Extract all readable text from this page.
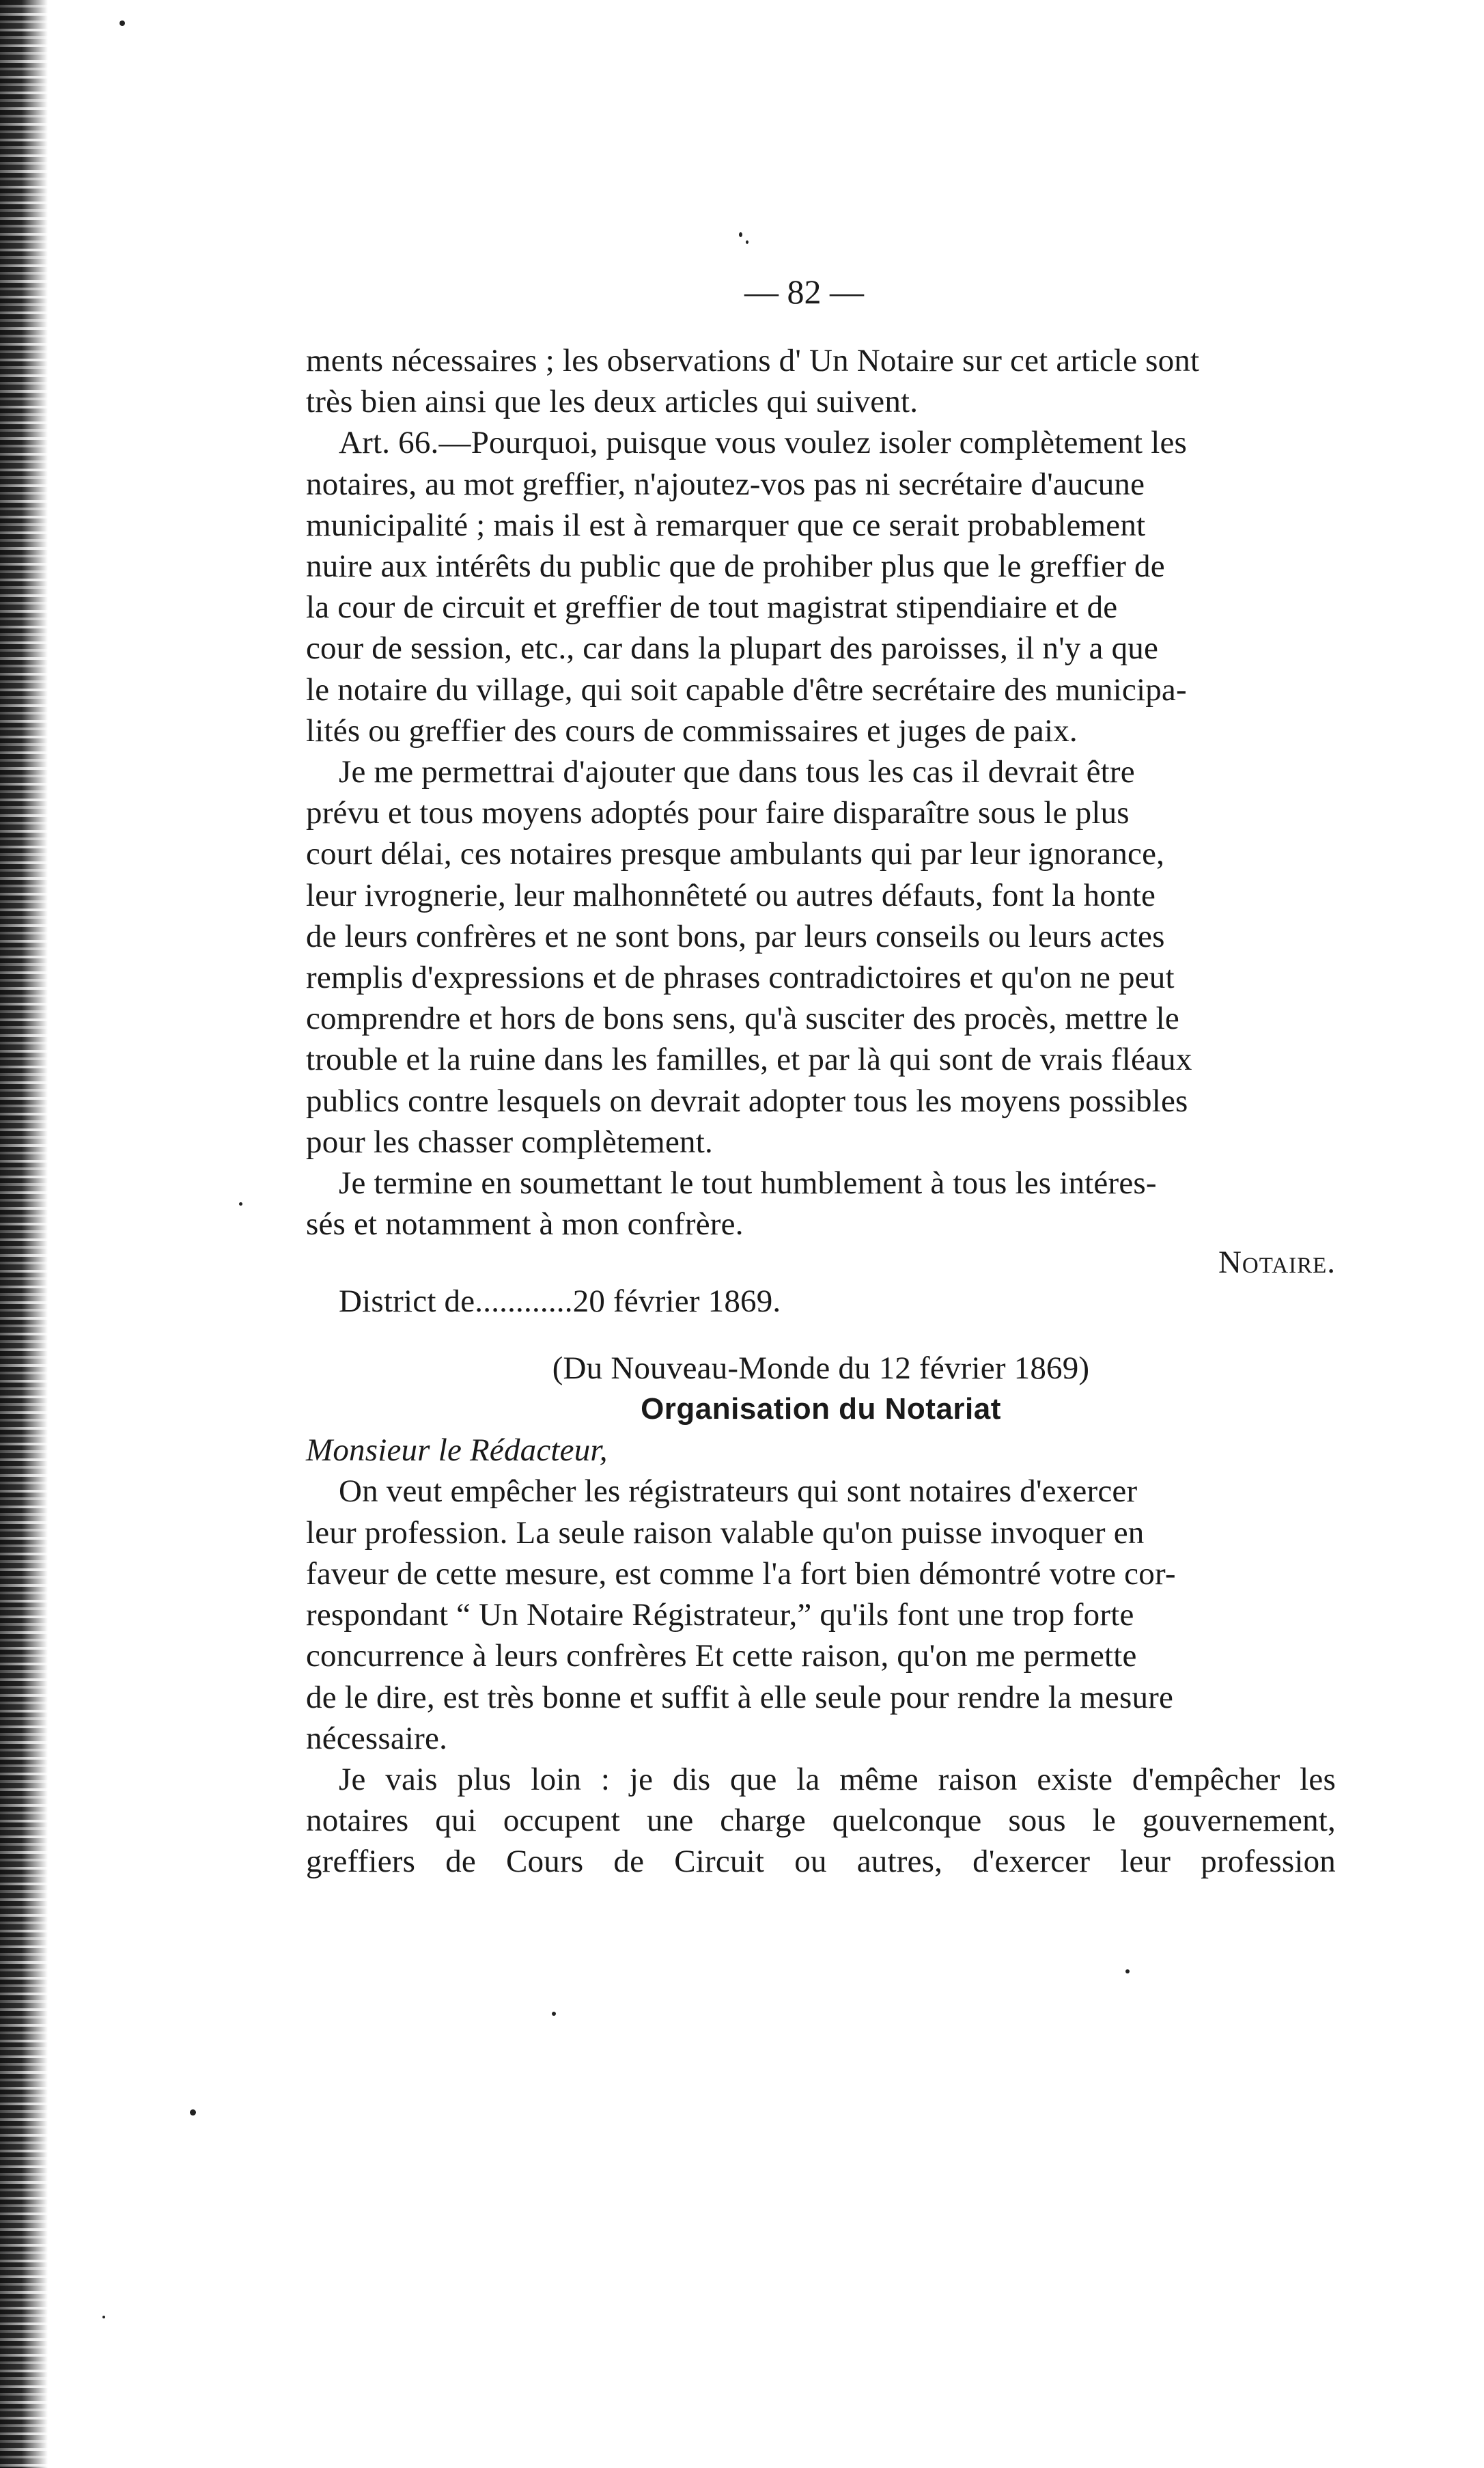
— 82 —

ments nécessaires ; les observations d' Un Notaire sur cet article sont
très bien ainsi que les deux articles qui suivent.

Art. 66.—Pourquoi, puisque vous voulez isoler complètement les
notaires, au mot greffier, n'ajoutez-vos pas ni secrétaire d'aucune
municipalité ; mais il est à remarquer que ce serait probablement
nuire aux intérêts du public que de prohiber plus que le greffier de
la cour de circuit et greffier de tout magistrat stipendiaire et de
cour de session, etc., car dans la plupart des paroisses, il n'y a que
le notaire du village, qui soit capable d'être secrétaire des municipa-
lités ou greffier des cours de commissaires et juges de paix.

Je me permettrai d'ajouter que dans tous les cas il devrait être
prévu et tous moyens adoptés pour faire disparaître sous le plus
court délai, ces notaires presque ambulants qui par leur ignorance,
leur ivrognerie, leur malhonnêteté ou autres défauts, font la honte
de leurs confrères et ne sont bons, par leurs conseils ou leurs actes
remplis d'expressions et de phrases contradictoires et qu'on ne peut
comprendre et hors de bons sens, qu'à susciter des procès, mettre le
trouble et la ruine dans les familles, et par là qui sont de vrais fléaux
publics contre lesquels on devrait adopter tous les moyens possibles
pour les chasser complètement.

Je termine en soumettant le tout humblement à tous les intéres-
sés et notamment à mon confrère.

Notaire.

District de............20 février 1869.

(Du Nouveau-Monde du 12 février 1869)

Organisation du Notariat

Monsieur le Rédacteur,

On veut empêcher les régistrateurs qui sont notaires d'exercer
leur profession. La seule raison valable qu'on puisse invoquer en
faveur de cette mesure, est comme l'a fort bien démontré votre cor-
respondant “ Un Notaire Régistrateur,” qu'ils font une trop forte
concurrence à leurs confrères Et cette raison, qu'on me permette
de le dire, est très bonne et suffit à elle seule pour rendre la mesure
nécessaire.

Je vais plus loin : je dis que la même raison existe d'empêcher les
notaires qui occupent une charge quelconque sous le gouvernement,
greffiers de Cours de Circuit ou autres, d'exercer leur profession
